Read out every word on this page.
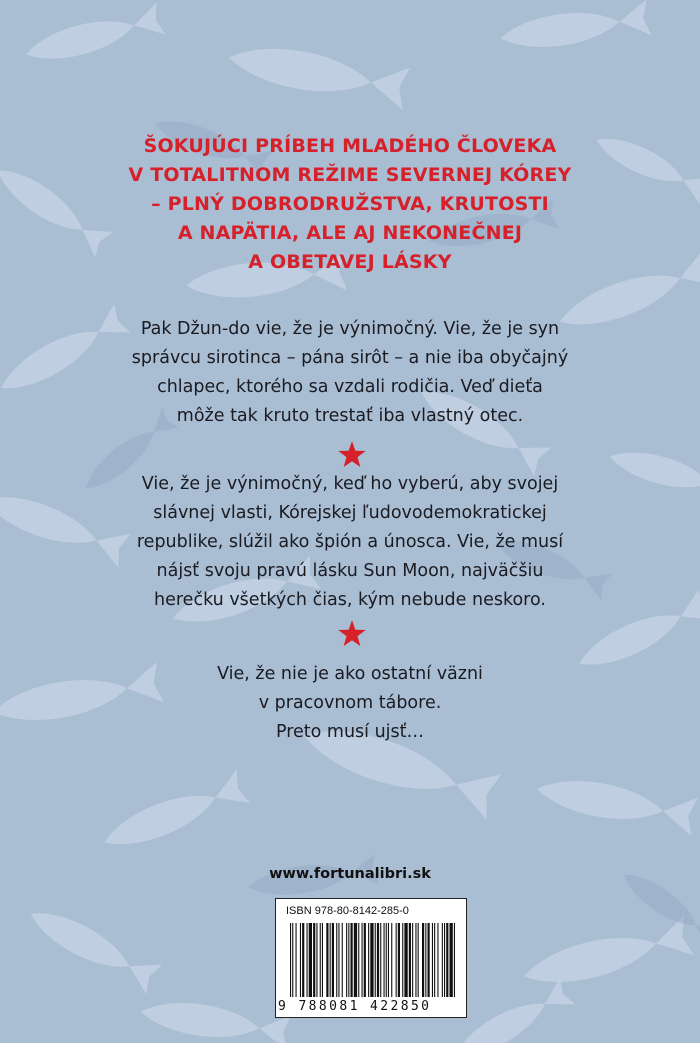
ŠOKUJÚCI PRÍBEH MLADÉHO ČLOVEKA
V TOTALITNOM REŽIME SEVERNEJ KÓREY
– PLNÝ DOBRODRUŽSTVA, KRUTOSTI
A NAPÄTIA, ALE AJ NEKONEČNEJ
A OBETAVEJ LÁSKY
Pak Džun-do vie, že je výnimočný. Vie, že je syn
správcu sirotinca – pána sirôt – a nie iba obyčajný
chlapec, ktorého sa vzdali rodičia. Veď dieťa
môže tak kruto trestať iba vlastný otec.
Vie, že je výnimočný, keď ho vyberú, aby svojej
slávnej vlasti, Kórejskej ľudovodemokratickej
republike, slúžil ako špión a únosca. Vie, že musí
nájsť svoju pravú lásku Sun Moon, najväčšiu
herečku všetkých čias, kým nebude neskoro.
Vie, že nie je ako ostatní väzni
v pracovnom tábore.
Preto musí ujsť…

www.fortunalibri.sk

ISBN 978-80-8142-285-0

9 788081 422850
